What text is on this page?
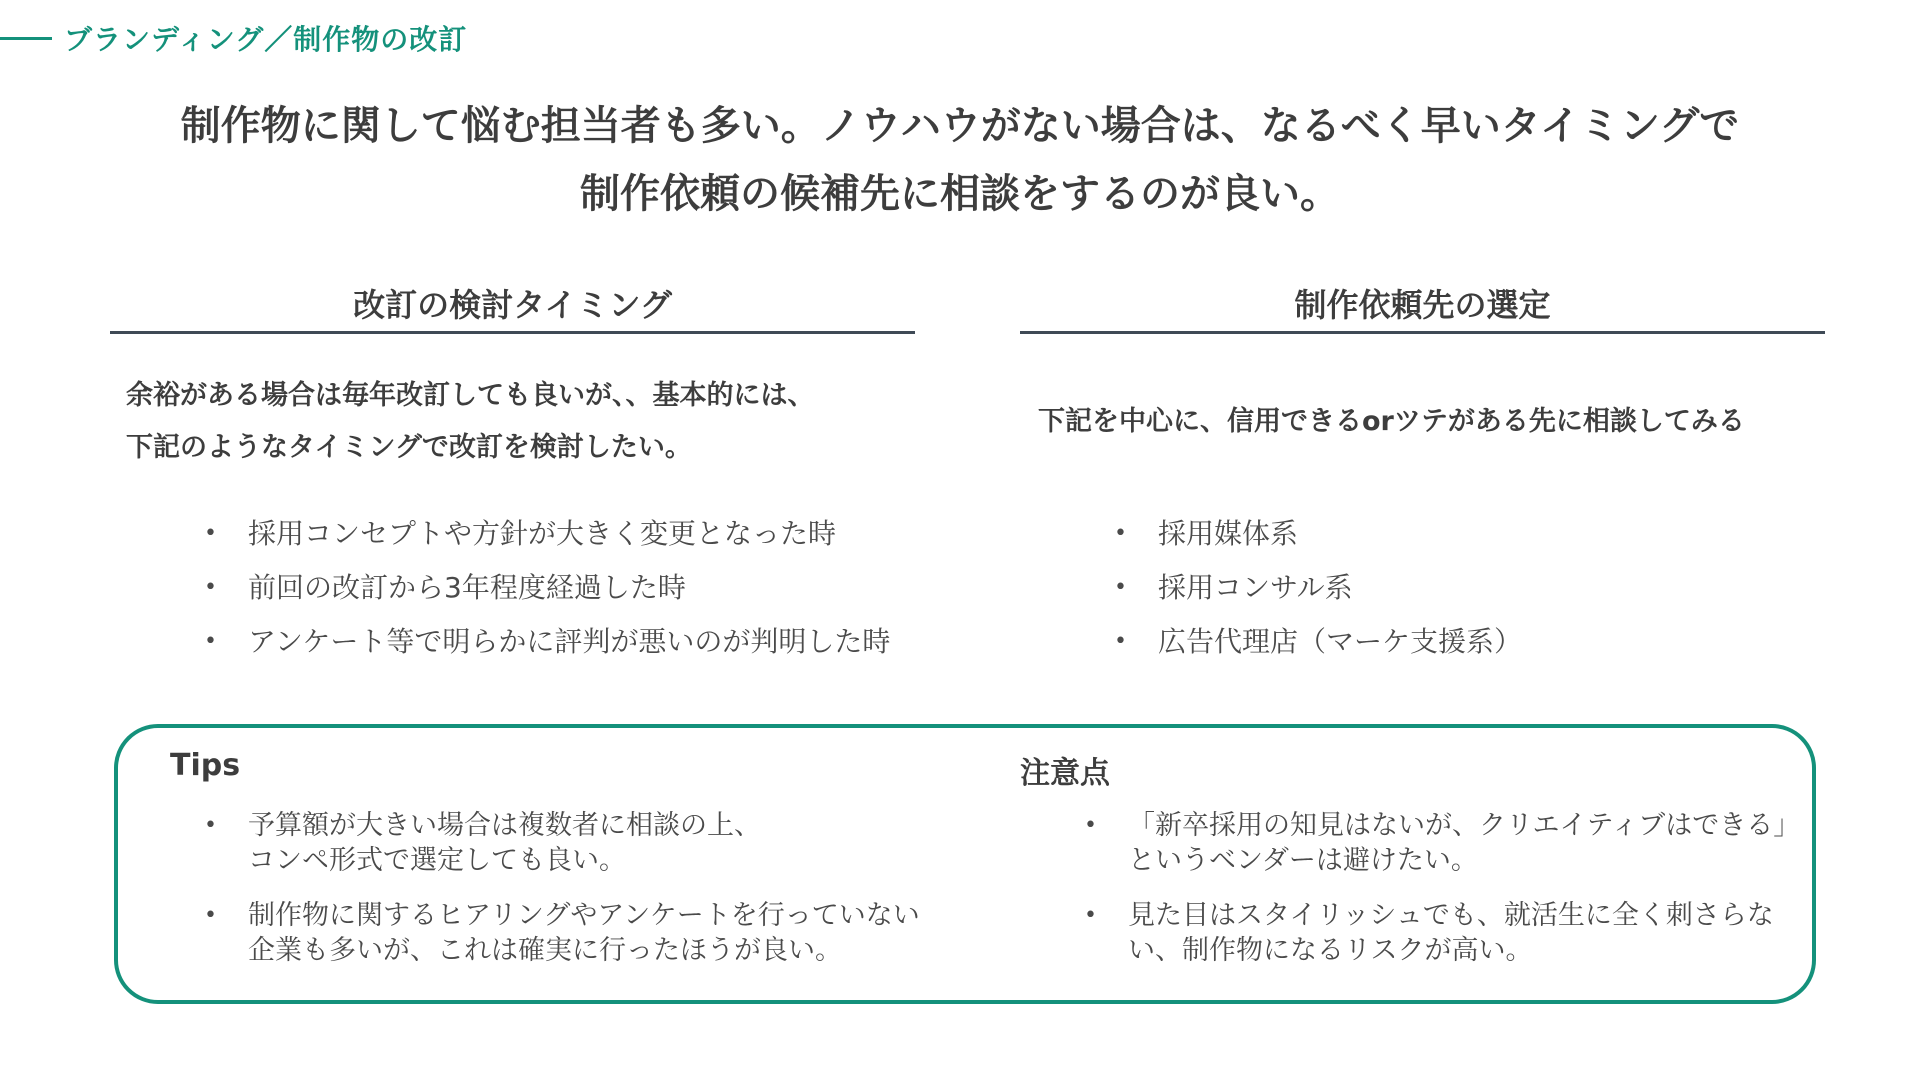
ブランディング／制作物の改訂
制作物に関して悩む担当者も多い。ノウハウがない場合は、なるべく早いタイミングで
制作依頼の候補先に相談をするのが良い。
改訂の検討タイミング
余裕がある場合は毎年改訂しても良いが、、基本的には、
下記のようなタイミングで改訂を検討したい。
• 採用コンセプトや方針が大きく変更となった時
• 前回の改訂から3年程度経過した時
• アンケート等で明らかに評判が悪いのが判明した時
制作依頼先の選定
下記を中心に、信用できるorツテがある先に相談してみる
• 採用媒体系
• 採用コンサル系
• 広告代理店（マーケ支援系）
Tips
• 予算額が大きい場合は複数者に相談の上、
コンペ形式で選定しても良い。
• 制作物に関するヒアリングやアンケートを行っていない
企業も多いが、これは確実に行ったほうが良い。
注意点
• 「新卒採用の知見はないが、クリエイティブはできる」
というベンダーは避けたい。
• 見た目はスタイリッシュでも、就活生に全く刺さらな
い、制作物になるリスクが高い。
